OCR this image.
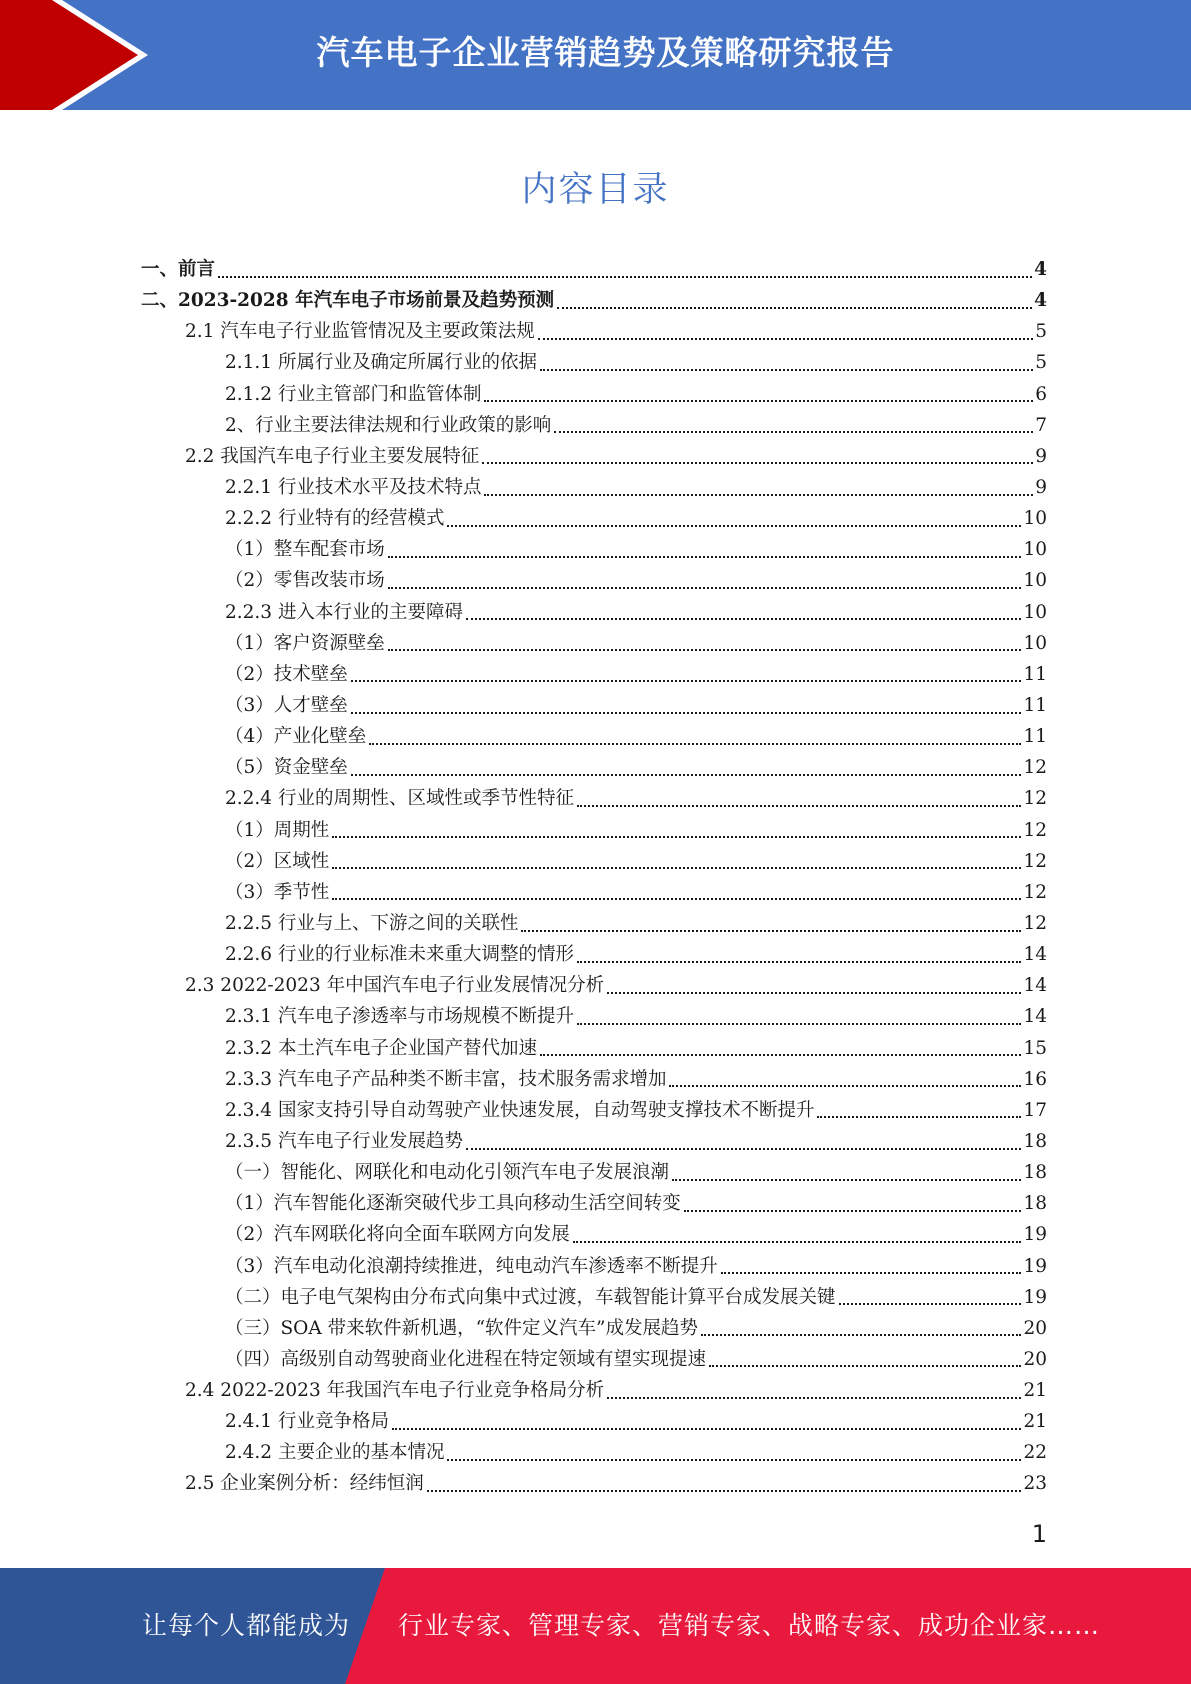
汽车电子企业营销趋势及策略研究报告
内容目录
一、前言	4
二、2023-2028 年汽车电子市场前景及趋势预测	4
2.1 汽车电子行业监管情况及主要政策法规	5
2.1.1 所属行业及确定所属行业的依据	5
2.1.2 行业主管部门和监管体制	6
2、行业主要法律法规和行业政策的影响	7
2.2 我国汽车电子行业主要发展特征	9
2.2.1 行业技术水平及技术特点	9
2.2.2 行业特有的经营模式	10
（1）整车配套市场	10
（2）零售改装市场	10
2.2.3 进入本行业的主要障碍	10
（1）客户资源壁垒	10
（2）技术壁垒	11
（3）人才壁垒	11
（4）产业化壁垒	11
（5）资金壁垒	12
2.2.4 行业的周期性、区域性或季节性特征	12
（1）周期性	12
（2）区域性	12
（3）季节性	12
2.2.5 行业与上、下游之间的关联性	12
2.2.6 行业的行业标准未来重大调整的情形	14
2.3 2022-2023 年中国汽车电子行业发展情况分析	14
2.3.1 汽车电子渗透率与市场规模不断提升	14
2.3.2 本土汽车电子企业国产替代加速	15
2.3.3 汽车电子产品种类不断丰富，技术服务需求增加	16
2.3.4 国家支持引导自动驾驶产业快速发展，自动驾驶支撑技术不断提升	17
2.3.5 汽车电子行业发展趋势	18
（一）智能化、网联化和电动化引领汽车电子发展浪潮	18
（1）汽车智能化逐渐突破代步工具向移动生活空间转变	18
（2）汽车网联化将向全面车联网方向发展	19
（3）汽车电动化浪潮持续推进，纯电动汽车渗透率不断提升	19
（二）电子电气架构由分布式向集中式过渡，车载智能计算平台成发展关键	19
（三）SOA 带来软件新机遇，“软件定义汽车”成发展趋势	20
（四）高级别自动驾驶商业化进程在特定领域有望实现提速	20
2.4 2022-2023 年我国汽车电子行业竞争格局分析	21
2.4.1 行业竞争格局	21
2.4.2 主要企业的基本情况	22
2.5 企业案例分析：经纬恒润	23
1
让每个人都能成为 行业专家、管理专家、营销专家、战略专家、成功企业家……
